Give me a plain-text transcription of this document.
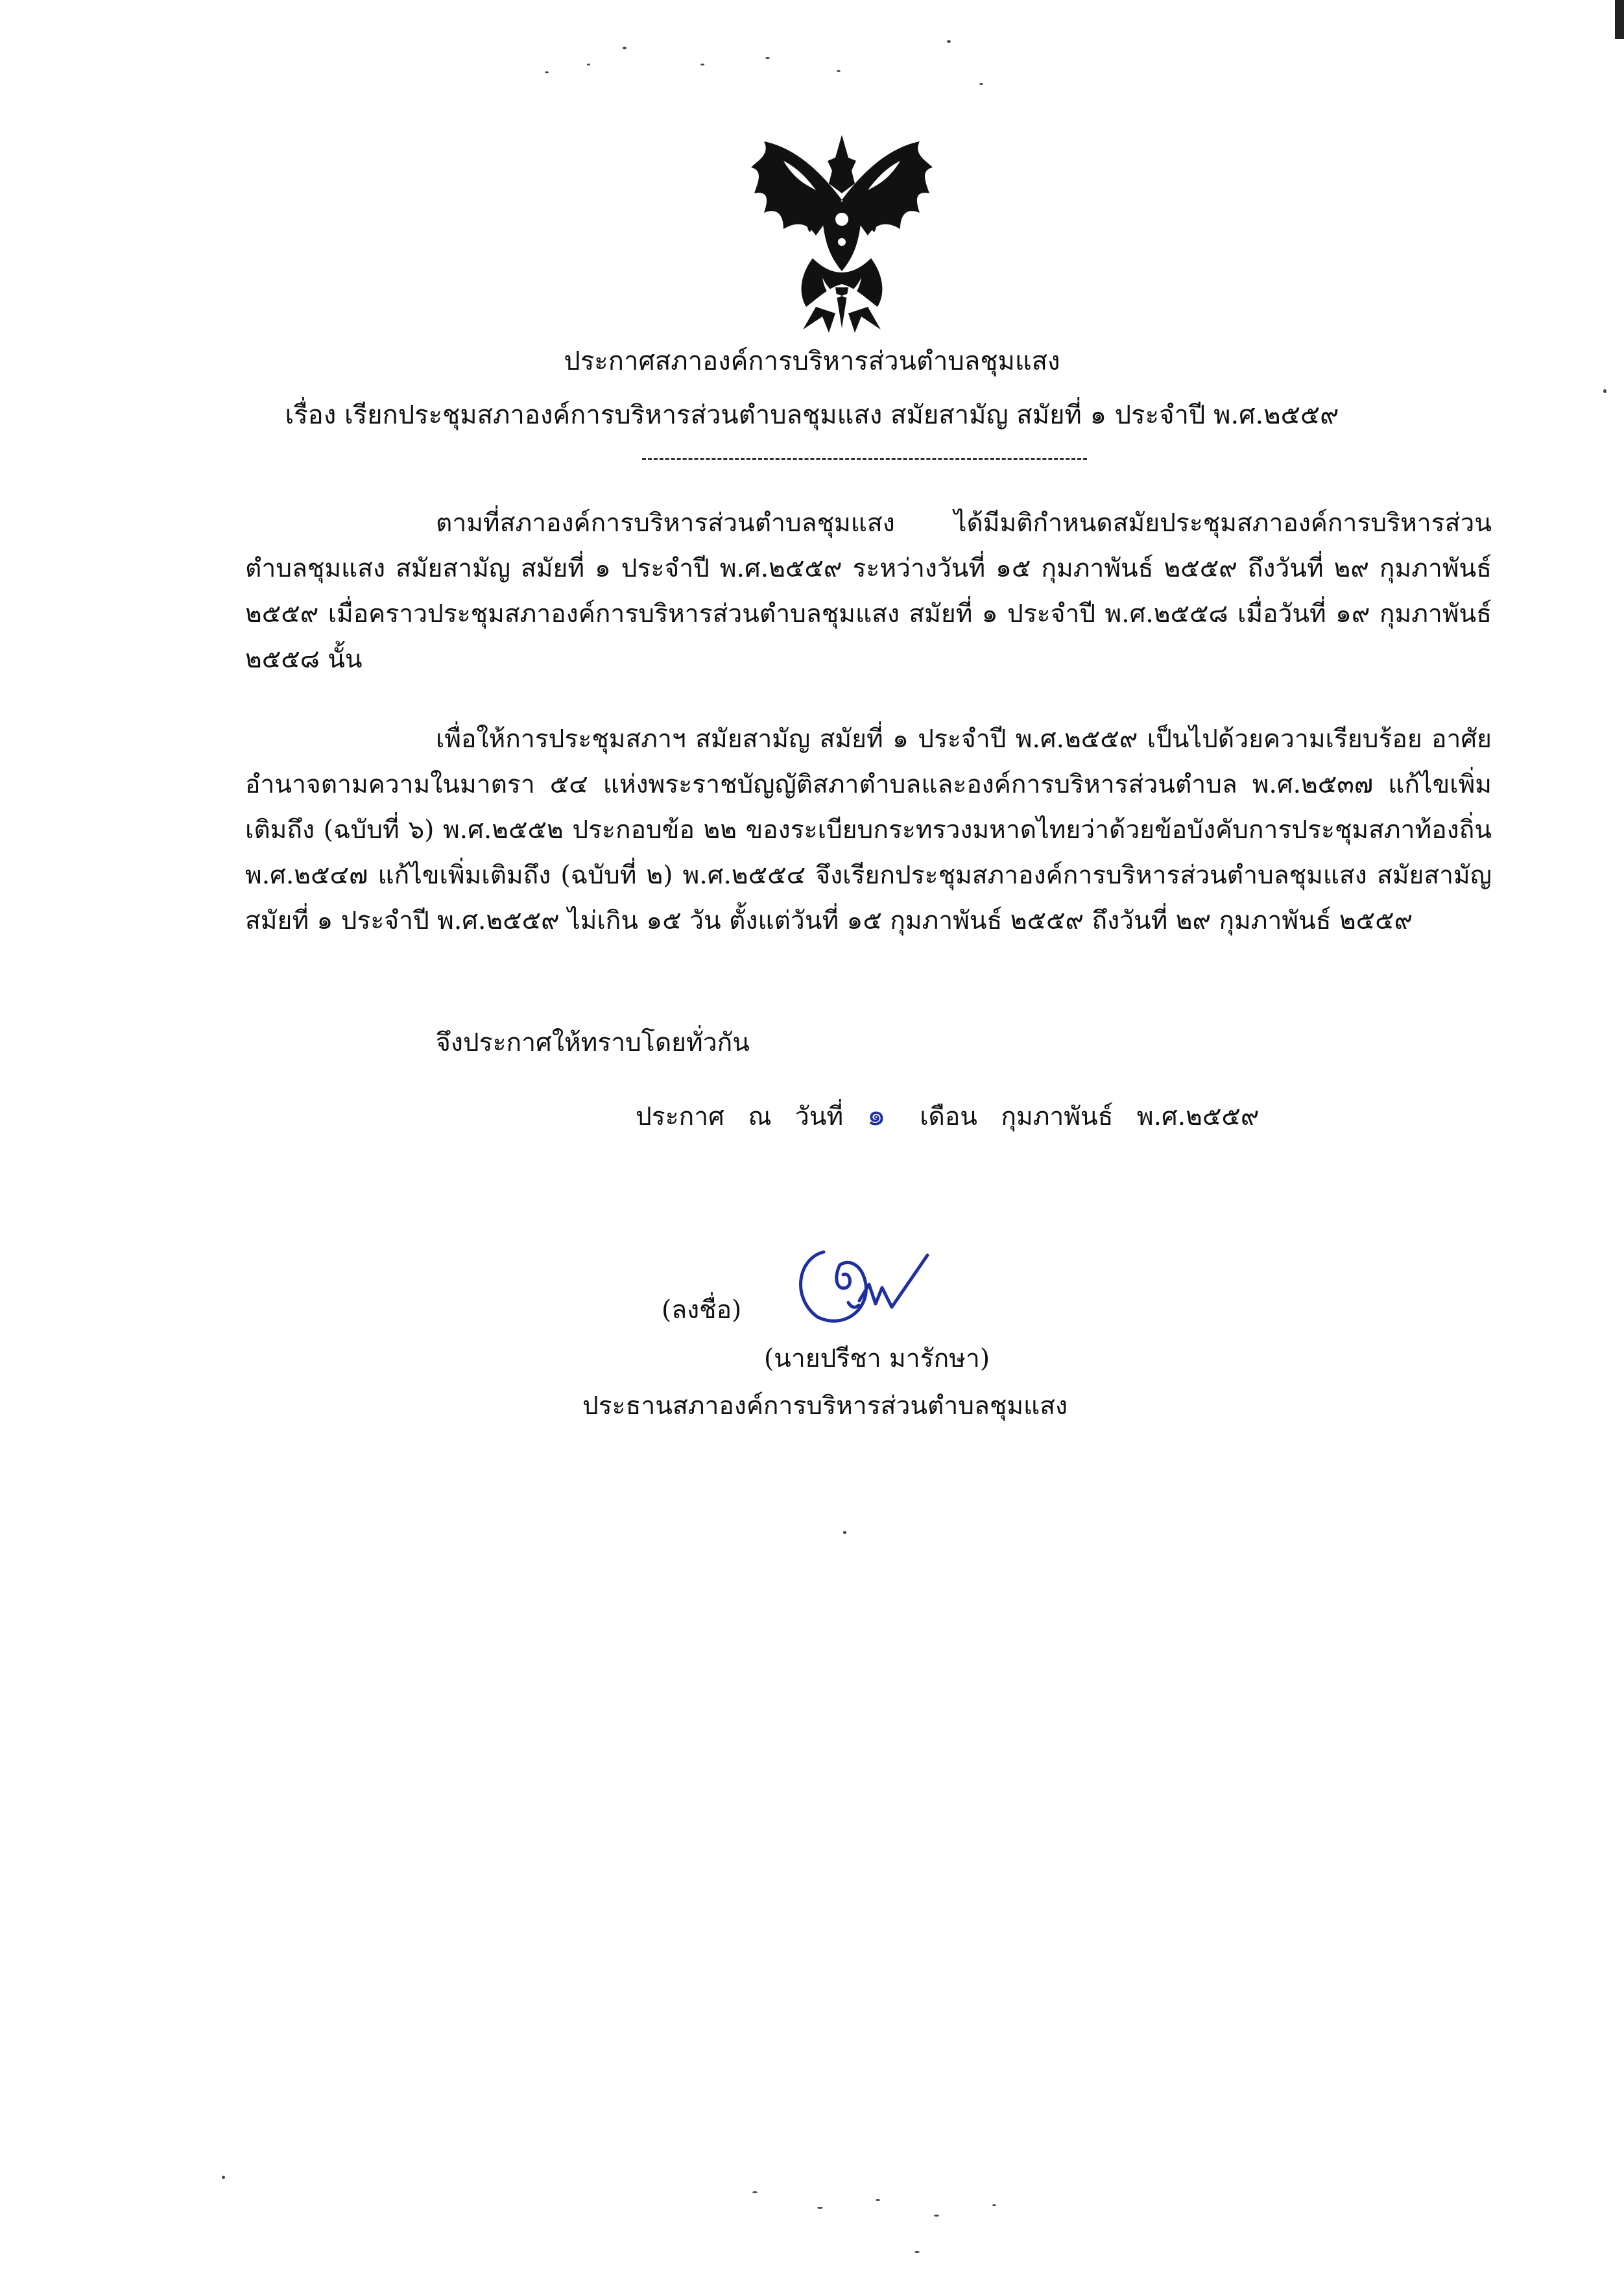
ประกาศสภาองค์การบริหารส่วนตำบลชุมแสง
เรื่อง เรียกประชุมสภาองค์การบริหารส่วนตำบลชุมแสง สมัยสามัญ สมัยที่ ๑ ประจำปี พ.ศ.๒๕๕๙

ตามที่สภาองค์การบริหารส่วนตำบลชุมแสง ได้มีมติกำหนดสมัยประชุมสภาองค์การบริหารส่วนตำบลชุมแสง สมัยสามัญ สมัยที่ ๑ ประจำปี พ.ศ.๒๕๕๙ ระหว่างวันที่ ๑๕ กุมภาพันธ์ ๒๕๕๙ ถึงวันที่ ๒๙ กุมภาพันธ์ ๒๕๕๙ เมื่อคราวประชุมสภาองค์การบริหารส่วนตำบลชุมแสง สมัยที่ ๑ ประจำปี พ.ศ.๒๕๕๘ เมื่อวันที่ ๑๙ กุมภาพันธ์ ๒๕๕๘ นั้น

เพื่อให้การประชุมสภาฯ สมัยสามัญ สมัยที่ ๑ ประจำปี พ.ศ.๒๕๕๙ เป็นไปด้วยความเรียบร้อย อาศัยอำนาจตามความในมาตรา ๕๔ แห่งพระราชบัญญัติสภาตำบลและองค์การบริหารส่วนตำบล พ.ศ.๒๕๓๗ แก้ไขเพิ่มเติมถึง (ฉบับที่ ๖) พ.ศ.๒๕๕๒ ประกอบข้อ ๒๒ ของระเบียบกระทรวงมหาดไทยว่าด้วยข้อบังคับการประชุมสภาท้องถิ่น พ.ศ.๒๕๔๗ แก้ไขเพิ่มเติมถึง (ฉบับที่ ๒) พ.ศ.๒๕๕๔ จึงเรียกประชุมสภาองค์การบริหารส่วนตำบลชุมแสง สมัยสามัญ สมัยที่ ๑ ประจำปี พ.ศ.๒๕๕๙ ไม่เกิน ๑๕ วัน ตั้งแต่วันที่ ๑๕ กุมภาพันธ์ ๒๕๕๙ ถึงวันที่ ๒๙ กุมภาพันธ์ ๒๕๕๙

จึงประกาศให้ทราบโดยทั่วกัน
ประกาศ ณ วันที่ ๑ เดือน กุมภาพันธ์ พ.ศ.๒๕๕๙
(ลงชื่อ)
(นายปรีชา มารักษา)
ประธานสภาองค์การบริหารส่วนตำบลชุมแสง
